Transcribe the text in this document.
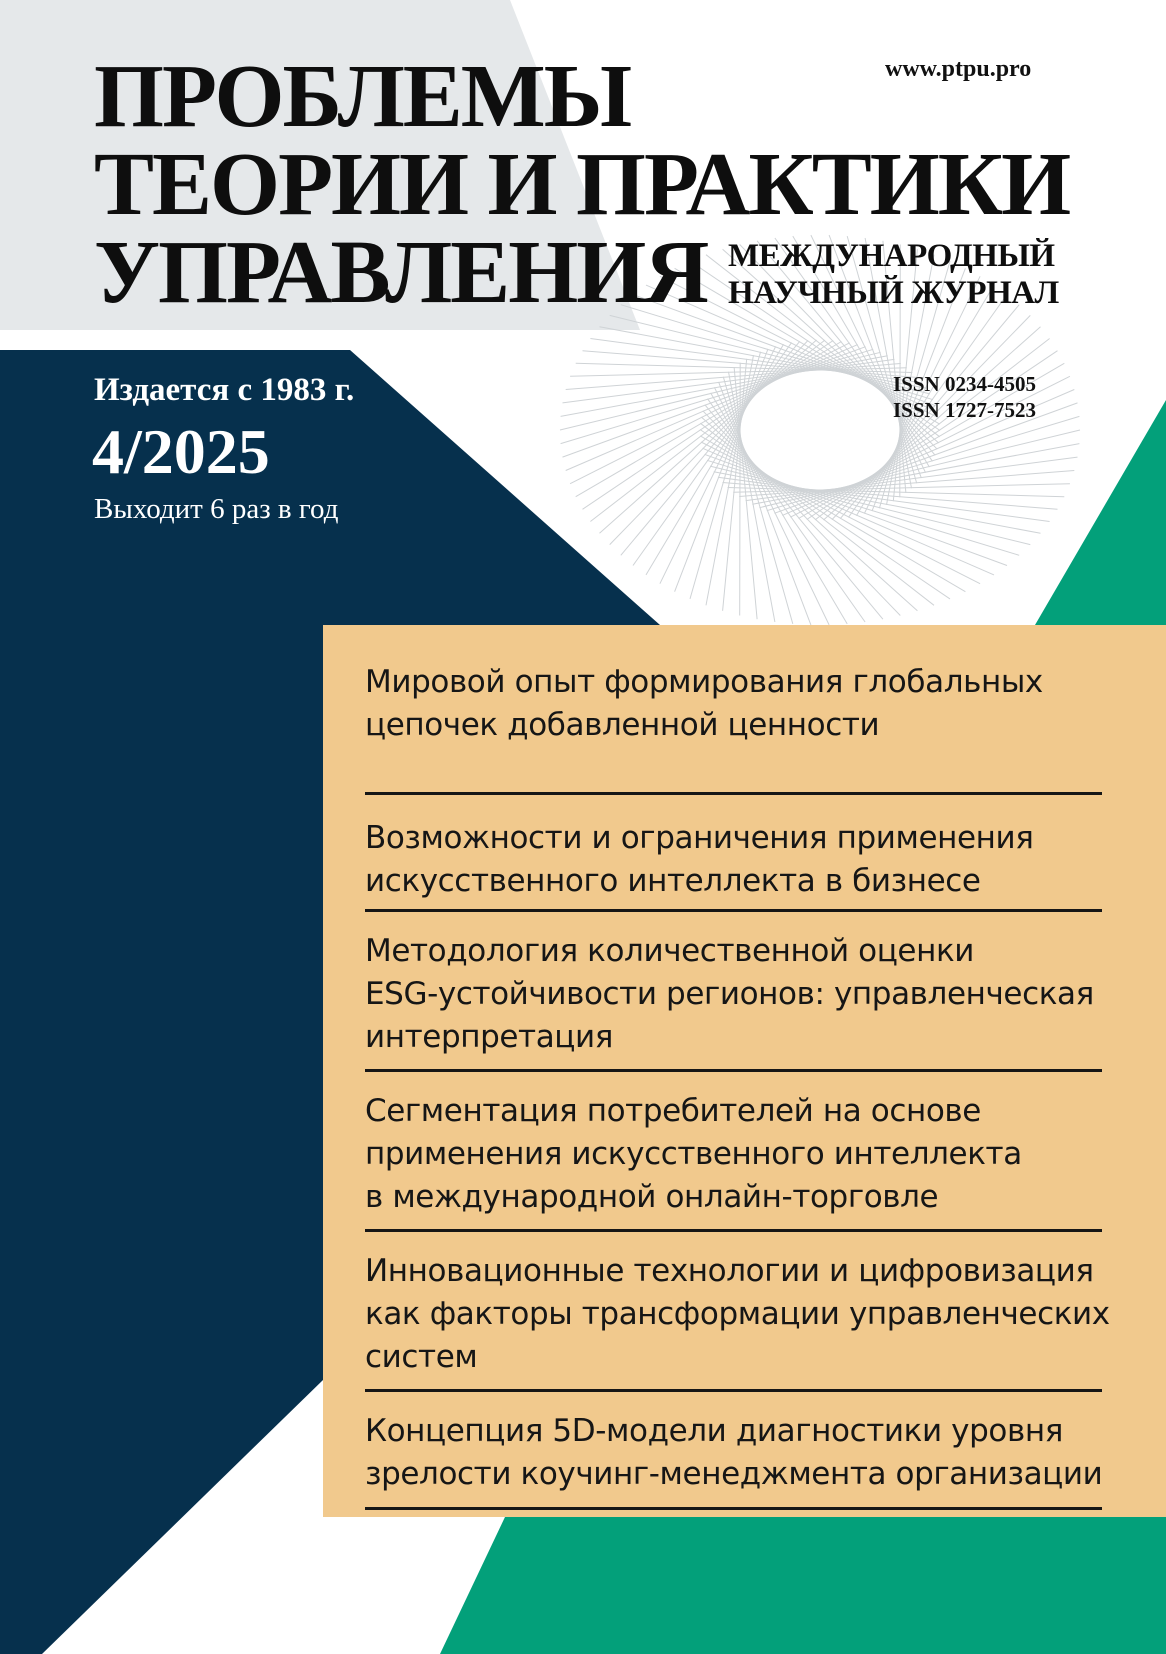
ПРОБЛЕМЫ
ТЕОРИИ И ПРАКТИКИ
УПРАВЛЕНИЯ МЕЖДУНАРОДНЫЙ
НАУЧНЫЙ ЖУРНАЛ
www.ptpu.pro
ISSN 0234-4505
ISSN 1727-7523
Издается с 1983 г.
4/2025
Выходит 6 раз в год

Мировой опыт формирования глобальных

цепочек добавленной ценности

Возможности и ограничения применения

искусственного интеллекта в бизнесе

Методология количественной оценки

ESG-устойчивости регионов: управленческая

интерпретация

Сегментация потребителей на основе

применения искусственного интеллекта

в международной онлайн-торговле

Инновационные технологии и цифровизация

как факторы трансформации управленческих

систем

Концепция 5D-модели диагностики уровня

зрелости коучинг-менеджмента организации
